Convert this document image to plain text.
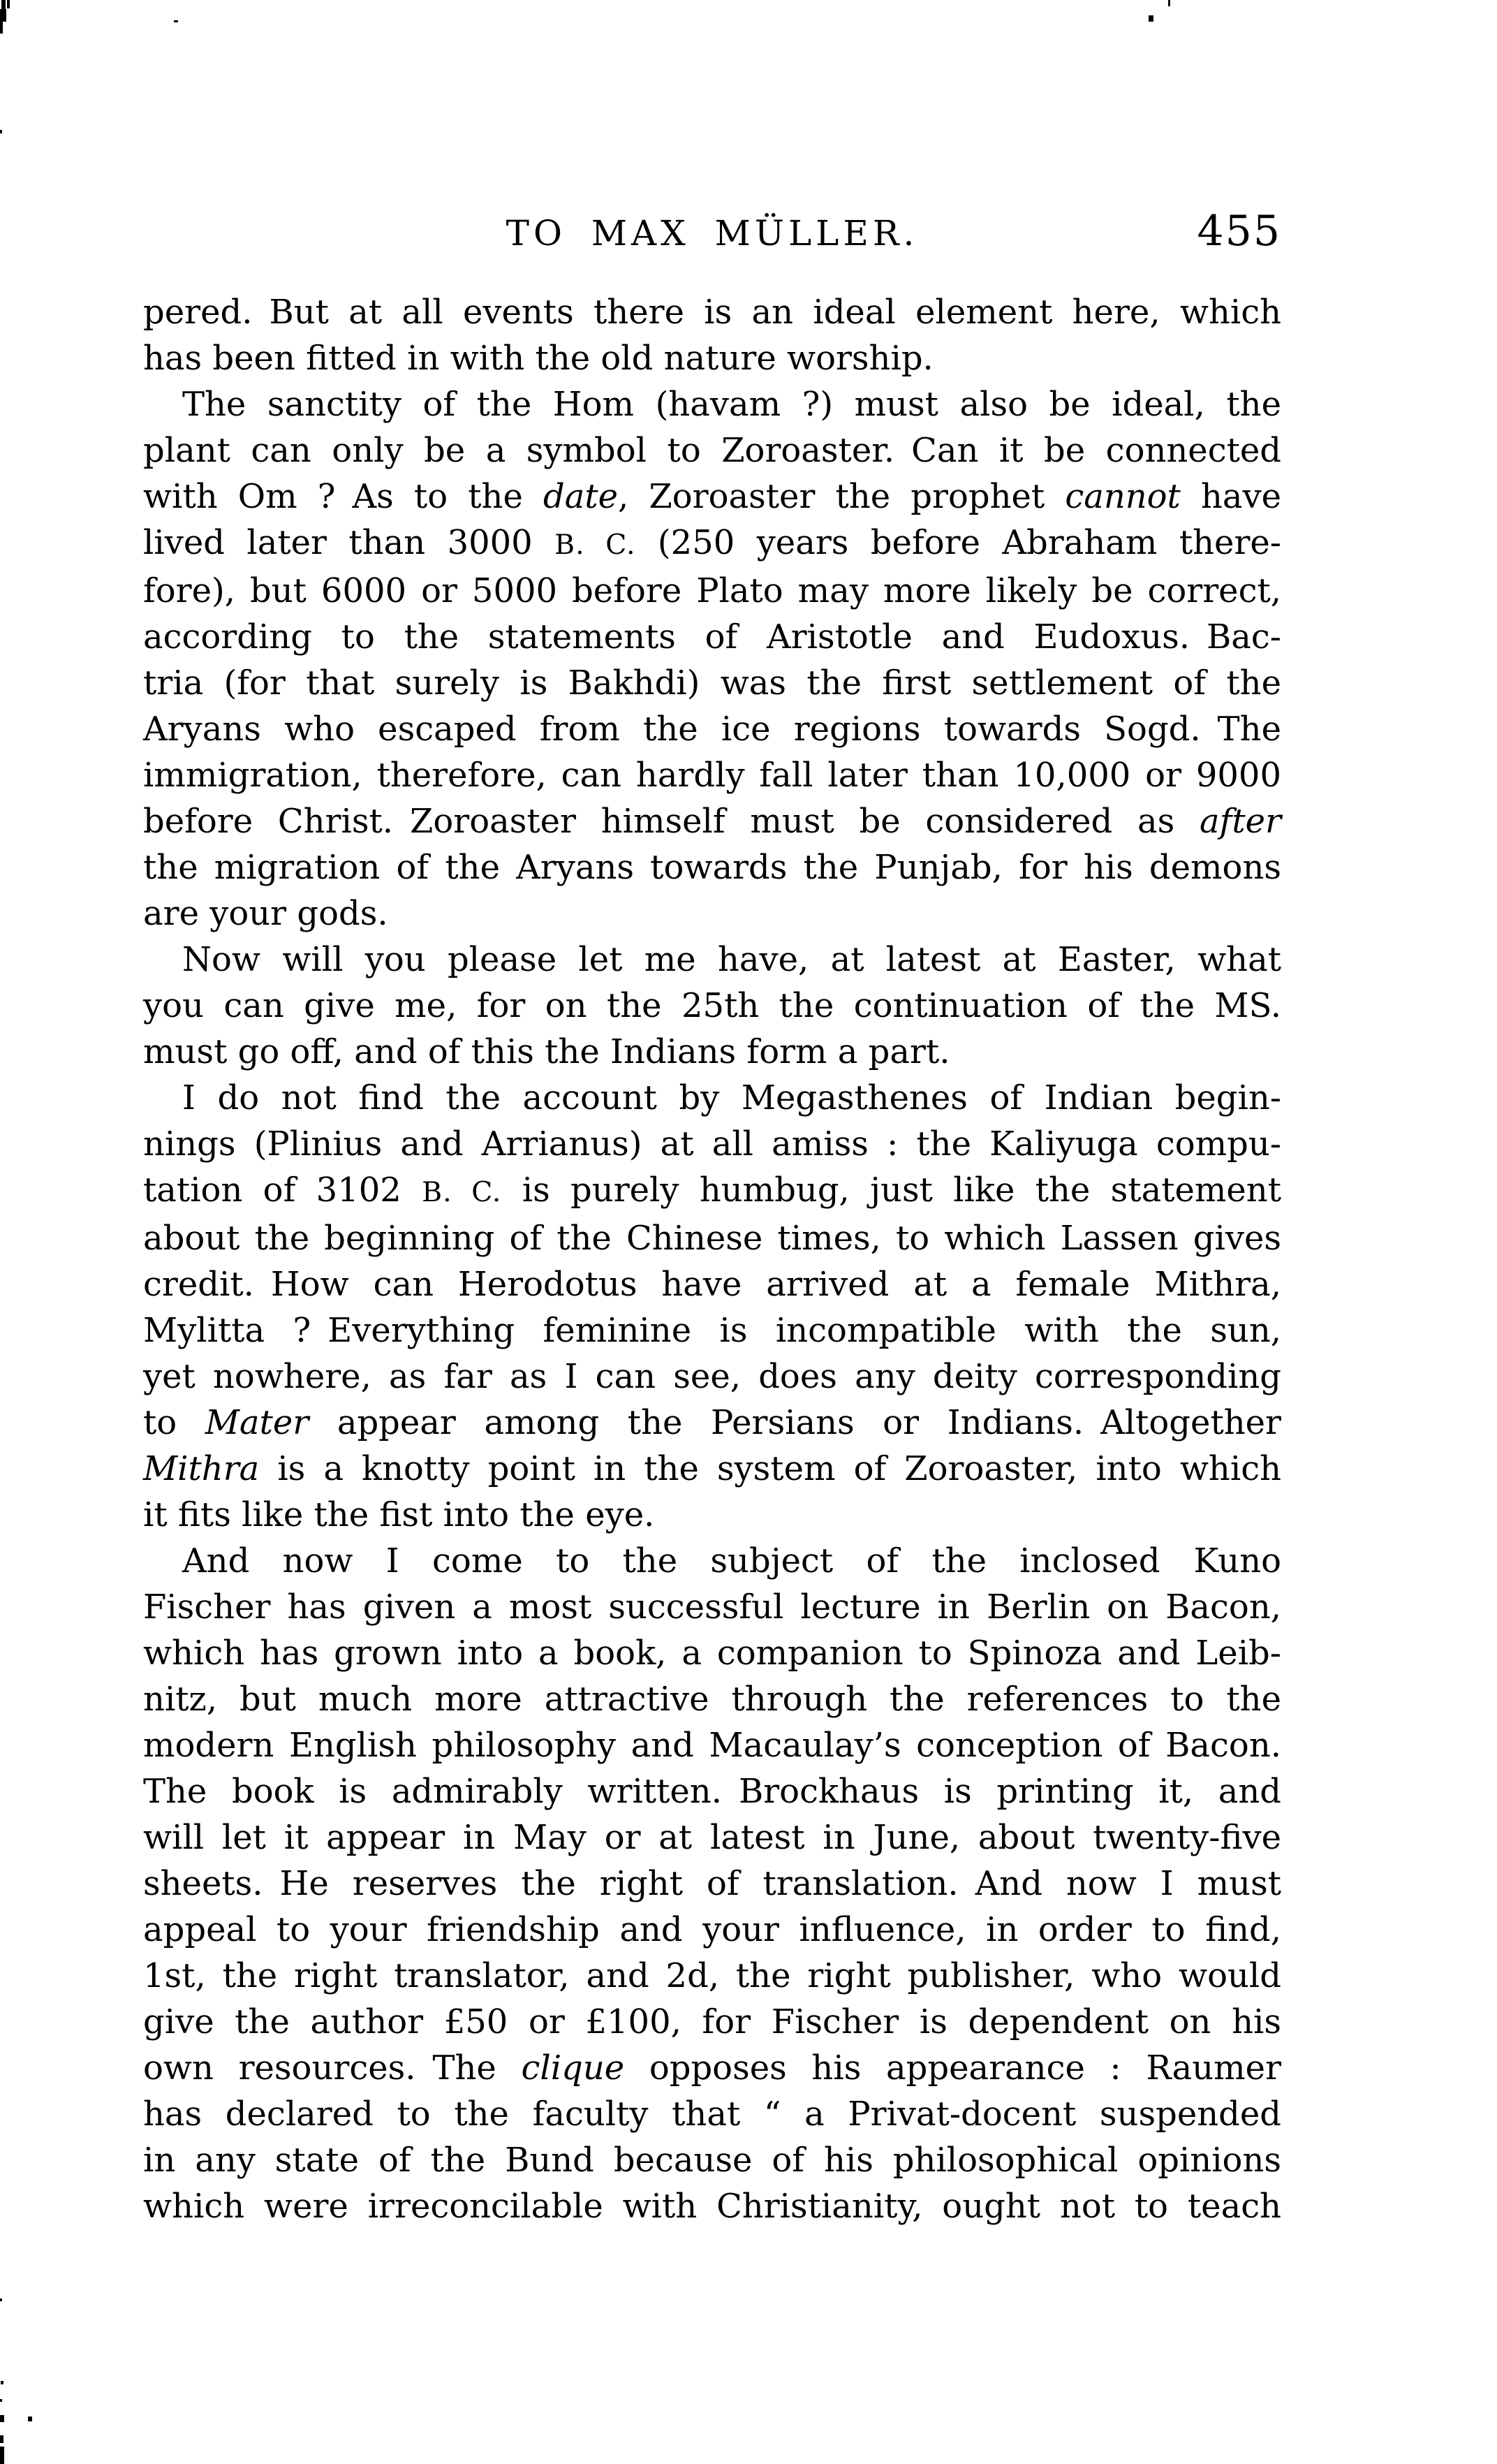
TO MAX MÜLLER.	455
pered. But at all events there is an ideal element here, which
has been fitted in with the old nature worship.
The sanctity of the Hom (havam ?) must also be ideal, the
plant can only be a symbol to Zoroaster. Can it be connected
with Om ? As to the date, Zoroaster the prophet cannot have
lived later than 3000 B. C. (250 years before Abraham there-
fore), but 6000 or 5000 before Plato may more likely be correct,
according to the statements of Aristotle and Eudoxus. Bac-
tria (for that surely is Bakhdi) was the first settlement of the
Aryans who escaped from the ice regions towards Sogd. The
immigration, therefore, can hardly fall later than 10,000 or 9000
before Christ. Zoroaster himself must be considered as after
the migration of the Aryans towards the Punjab, for his demons
are your gods.
Now will you please let me have, at latest at Easter, what
you can give me, for on the 25th the continuation of the MS.
must go off, and of this the Indians form a part.
I do not find the account by Megasthenes of Indian begin-
nings (Plinius and Arrianus) at all amiss : the Kaliyuga compu-
tation of 3102 B. C. is purely humbug, just like the statement
about the beginning of the Chinese times, to which Lassen gives
credit. How can Herodotus have arrived at a female Mithra,
Mylitta ? Everything feminine is incompatible with the sun,
yet nowhere, as far as I can see, does any deity corresponding
to Mater appear among the Persians or Indians. Altogether
Mithra is a knotty point in the system of Zoroaster, into which
it fits like the fist into the eye.
And now I come to the subject of the inclosed Kuno
Fischer has given a most successful lecture in Berlin on Bacon,
which has grown into a book, a companion to Spinoza and Leib-
nitz, but much more attractive through the references to the
modern English philosophy and Macaulay’s conception of Bacon.
The book is admirably written. Brockhaus is printing it, and
will let it appear in May or at latest in June, about twenty-five
sheets. He reserves the right of translation. And now I must
appeal to your friendship and your influence, in order to find,
1st, the right translator, and 2d, the right publisher, who would
give the author £50 or £100, for Fischer is dependent on his
own resources. The clique opposes his appearance : Raumer
has declared to the faculty that “ a Privat-docent suspended
in any state of the Bund because of his philosophical opinions
which were irreconcilable with Christianity, ought not to teach
